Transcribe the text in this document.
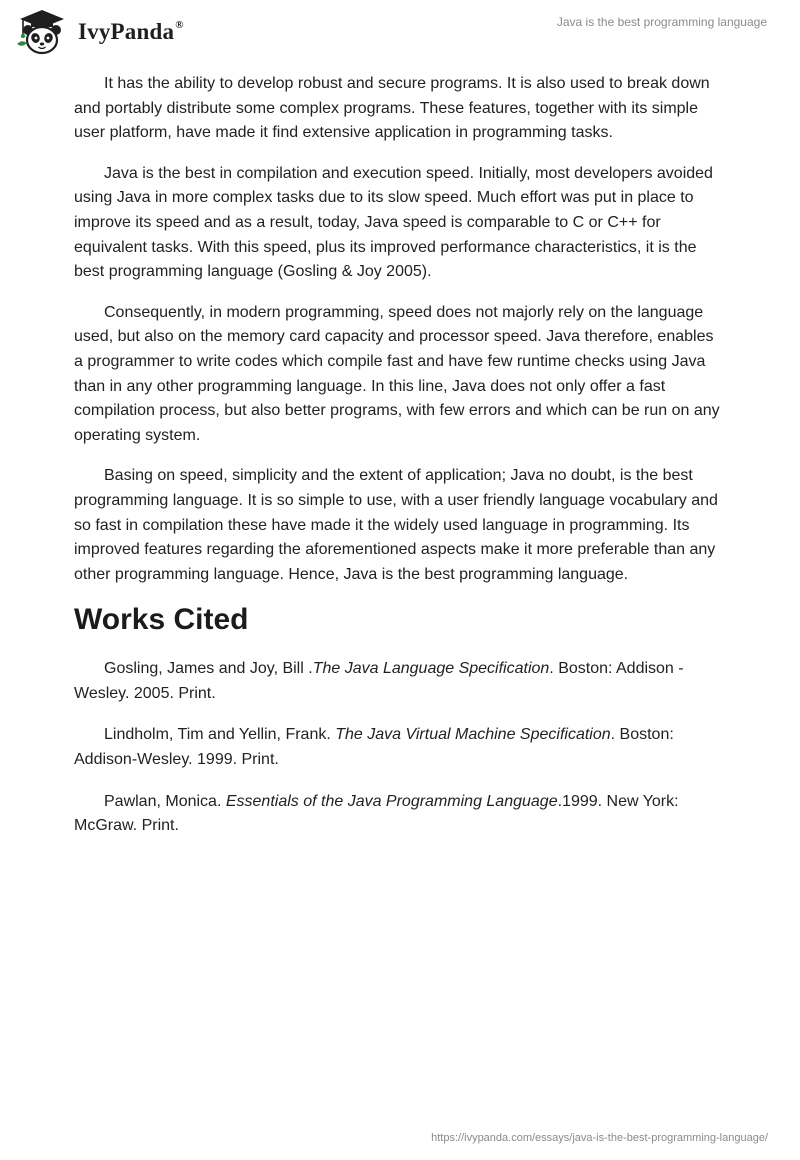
IvyPanda®	Java is the best programming language

It has the ability to develop robust and secure programs. It is also used to break down and portably distribute some complex programs. These features, together with its simple user platform, have made it find extensive application in programming tasks.

Java is the best in compilation and execution speed. Initially, most developers avoided using Java in more complex tasks due to its slow speed. Much effort was put in place to improve its speed and as a result, today, Java speed is comparable to C or C++ for equivalent tasks. With this speed, plus its improved performance characteristics, it is the best programming language (Gosling & Joy 2005).

Consequently, in modern programming, speed does not majorly rely on the language used, but also on the memory card capacity and processor speed. Java therefore, enables a programmer to write codes which compile fast and have few runtime checks using Java than in any other programming language. In this line, Java does not only offer a fast compilation process, but also better programs, with few errors and which can be run on any operating system.

Basing on speed, simplicity and the extent of application; Java no doubt, is the best programming language. It is so simple to use, with a user friendly language vocabulary and so fast in compilation these have made it the widely used language in programming. Its improved features regarding the aforementioned aspects make it more preferable than any other programming language. Hence, Java is the best programming language.

Works Cited

Gosling, James and Joy, Bill .The Java Language Specification. Boston: Addison - Wesley. 2005. Print.

Lindholm, Tim and Yellin, Frank. The Java Virtual Machine Specification. Boston: Addison-Wesley. 1999. Print.

Pawlan, Monica. Essentials of the Java Programming Language.1999. New York: McGraw. Print.

https://ivypanda.com/essays/java-is-the-best-programming-language/
